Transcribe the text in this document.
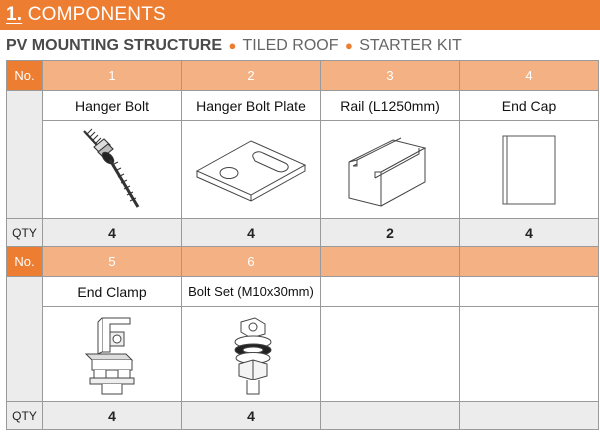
1. COMPONENTS
PV MOUNTING STRUCTURE ● TILED ROOF ● STARTER KIT
No.	1	2	3	4
	Hanger Bolt	Hanger Bolt Plate	Rail (L1250mm)	End Cap

QTY	4	4	2	4
No.	5	6		
	End Clamp	Bolt Set (M10x30mm)		

QTY	4	4		
